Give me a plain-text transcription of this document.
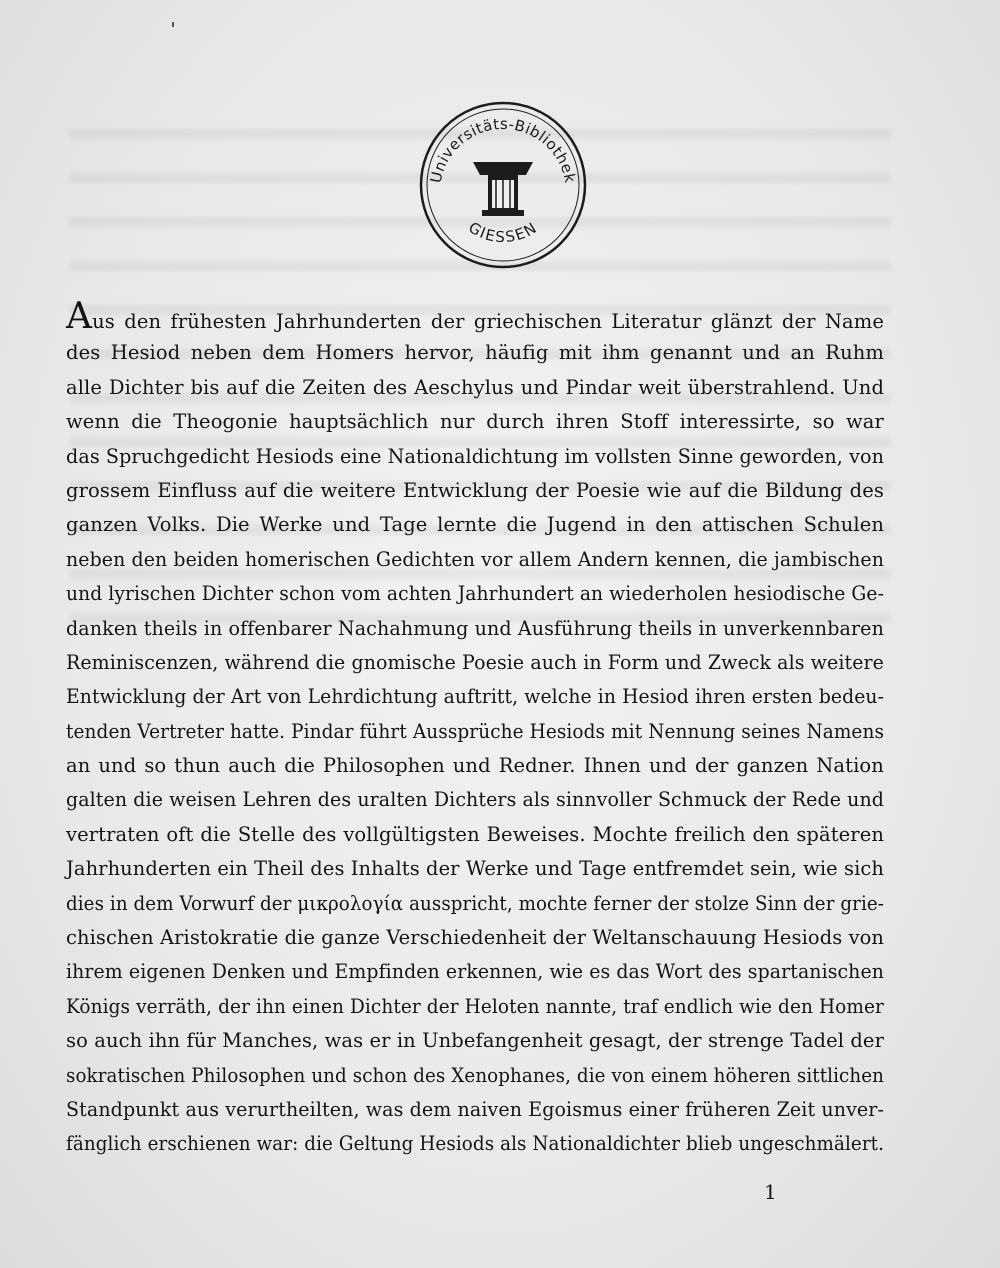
Universitäts-Bibliothek
GIESSEN
Aus den frühesten Jahrhunderten der griechischen Literatur glänzt der Name
des Hesiod neben dem Homers hervor, häufig mit ihm genannt und an Ruhm
alle Dichter bis auf die Zeiten des Aeschylus und Pindar weit überstrahlend. Und
wenn die Theogonie hauptsächlich nur durch ihren Stoff interessirte, so war
das Spruchgedicht Hesiods eine Nationaldichtung im vollsten Sinne geworden, von
grossem Einfluss auf die weitere Entwicklung der Poesie wie auf die Bildung des
ganzen Volks. Die Werke und Tage lernte die Jugend in den attischen Schulen
neben den beiden homerischen Gedichten vor allem Andern kennen, die jambischen
und lyrischen Dichter schon vom achten Jahrhundert an wiederholen hesiodische Ge-
danken theils in offenbarer Nachahmung und Ausführung theils in unverkennbaren
Reminiscenzen, während die gnomische Poesie auch in Form und Zweck als weitere
Entwicklung der Art von Lehrdichtung auftritt, welche in Hesiod ihren ersten bedeu-
tenden Vertreter hatte. Pindar führt Aussprüche Hesiods mit Nennung seines Namens
an und so thun auch die Philosophen und Redner. Ihnen und der ganzen Nation
galten die weisen Lehren des uralten Dichters als sinnvoller Schmuck der Rede und
vertraten oft die Stelle des vollgültigsten Beweises. Mochte freilich den späteren
Jahrhunderten ein Theil des Inhalts der Werke und Tage entfremdet sein, wie sich
dies in dem Vorwurf der μικρολογία ausspricht, mochte ferner der stolze Sinn der grie-
chischen Aristokratie die ganze Verschiedenheit der Weltanschauung Hesiods von
ihrem eigenen Denken und Empfinden erkennen, wie es das Wort des spartanischen
Königs verräth, der ihn einen Dichter der Heloten nannte, traf endlich wie den Homer
so auch ihn für Manches, was er in Unbefangenheit gesagt, der strenge Tadel der
sokratischen Philosophen und schon des Xenophanes, die von einem höheren sittlichen
Standpunkt aus verurtheilten, was dem naiven Egoismus einer früheren Zeit unver-
fänglich erschienen war: die Geltung Hesiods als Nationaldichter blieb ungeschmälert.
1
